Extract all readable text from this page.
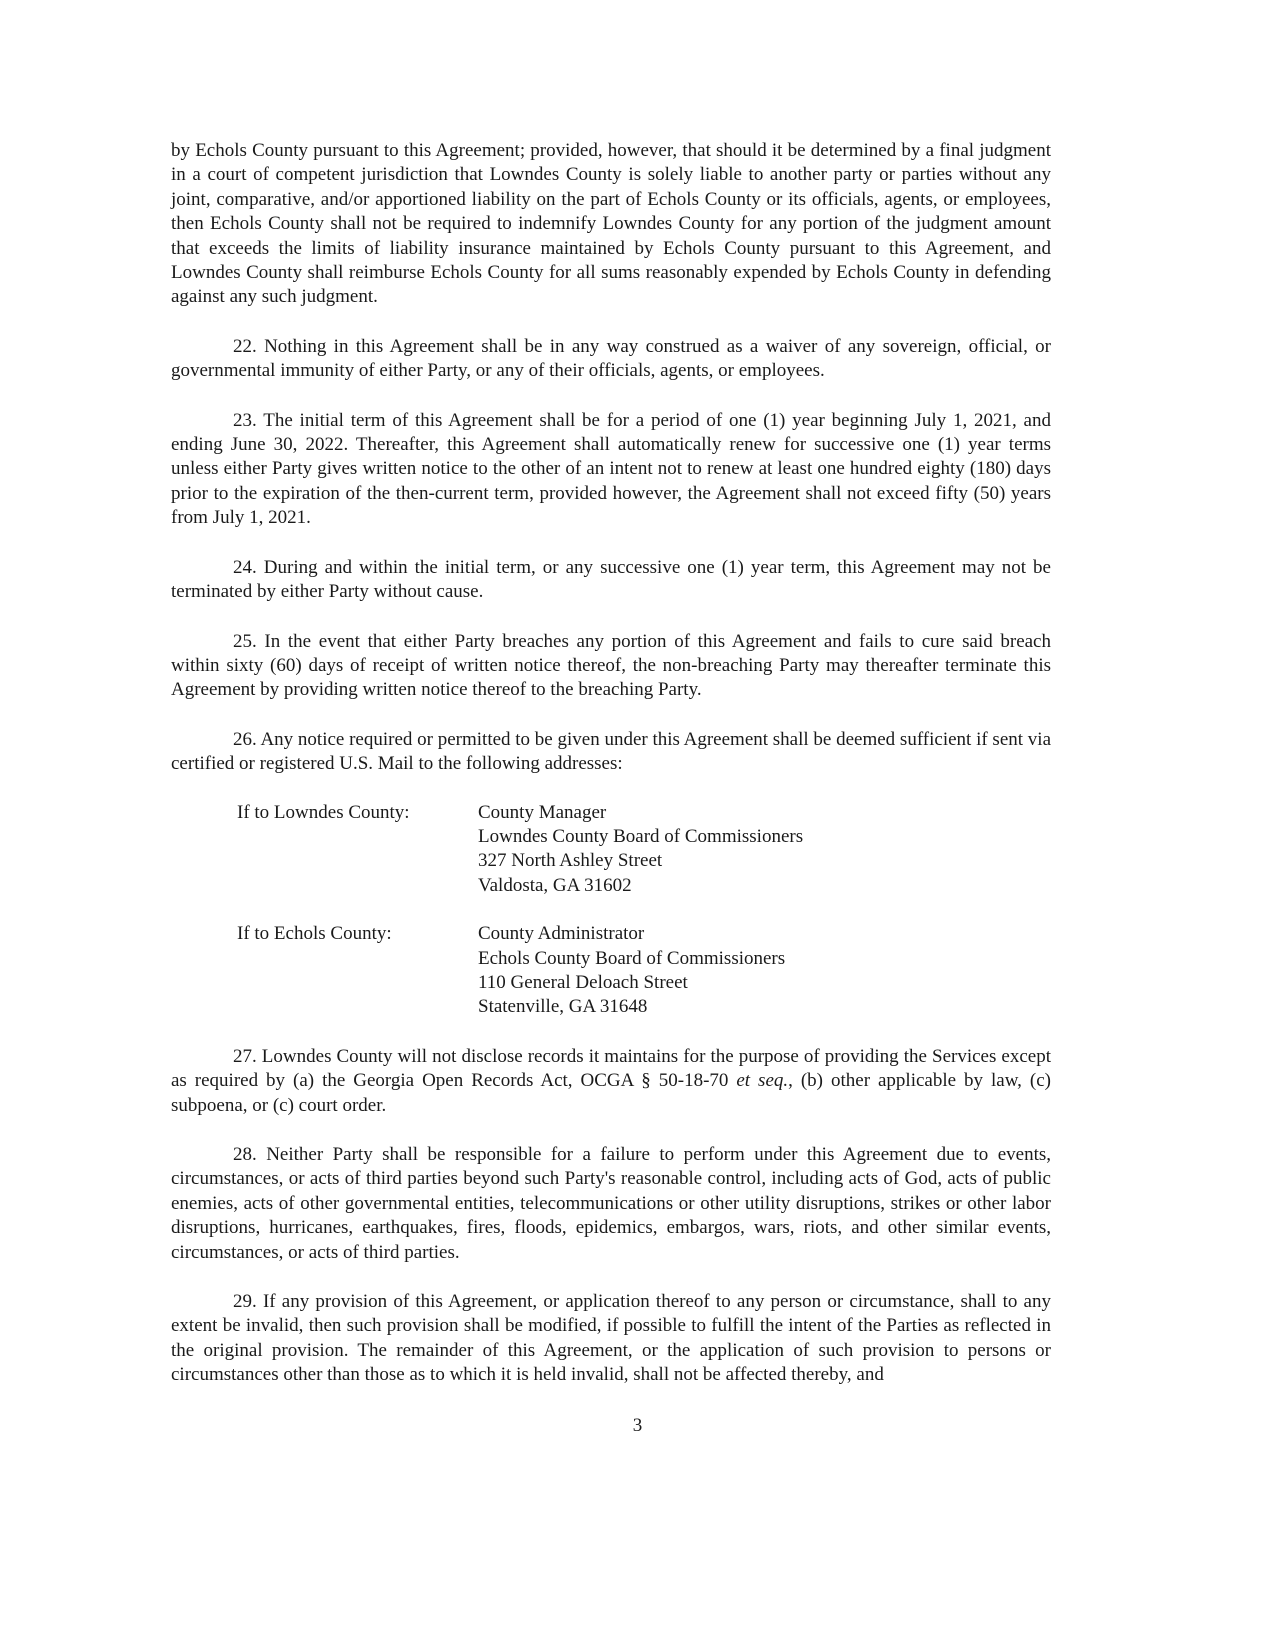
by Echols County pursuant to this Agreement; provided, however, that should it be determined by a final judgment in a court of competent jurisdiction that Lowndes County is solely liable to another party or parties without any joint, comparative, and/or apportioned liability on the part of Echols County or its officials, agents, or employees, then Echols County shall not be required to indemnify Lowndes County for any portion of the judgment amount that exceeds the limits of liability insurance maintained by Echols County pursuant to this Agreement, and Lowndes County shall reimburse Echols County for all sums reasonably expended by Echols County in defending against any such judgment.

22. Nothing in this Agreement shall be in any way construed as a waiver of any sovereign, official, or governmental immunity of either Party, or any of their officials, agents, or employees.

23. The initial term of this Agreement shall be for a period of one (1) year beginning July 1, 2021, and ending June 30, 2022. Thereafter, this Agreement shall automatically renew for successive one (1) year terms unless either Party gives written notice to the other of an intent not to renew at least one hundred eighty (180) days prior to the expiration of the then-current term, provided however, the Agreement shall not exceed fifty (50) years from July 1, 2021.

24. During and within the initial term, or any successive one (1) year term, this Agreement may not be terminated by either Party without cause.

25. In the event that either Party breaches any portion of this Agreement and fails to cure said breach within sixty (60) days of receipt of written notice thereof, the non-breaching Party may thereafter terminate this Agreement by providing written notice thereof to the breaching Party.

26. Any notice required or permitted to be given under this Agreement shall be deemed sufficient if sent via certified or registered U.S. Mail to the following addresses:

If to Lowndes County:	County Manager
Lowndes County Board of Commissioners
327 North Ashley Street
Valdosta, GA 31602
If to Echols County:	County Administrator
Echols County Board of Commissioners
110 General Deloach Street
Statenville, GA 31648

27. Lowndes County will not disclose records it maintains for the purpose of providing the Services except as required by (a) the Georgia Open Records Act, OCGA § 50-18-70 et seq., (b) other applicable by law, (c) subpoena, or (c) court order.

28. Neither Party shall be responsible for a failure to perform under this Agreement due to events, circumstances, or acts of third parties beyond such Party's reasonable control, including acts of God, acts of public enemies, acts of other governmental entities, telecommunications or other utility disruptions, strikes or other labor disruptions, hurricanes, earthquakes, fires, floods, epidemics, embargos, wars, riots, and other similar events, circumstances, or acts of third parties.

29. If any provision of this Agreement, or application thereof to any person or circumstance, shall to any extent be invalid, then such provision shall be modified, if possible to fulfill the intent of the Parties as reflected in the original provision. The remainder of this Agreement, or the application of such provision to persons or circumstances other than those as to which it is held invalid, shall not be affected thereby, and

3
